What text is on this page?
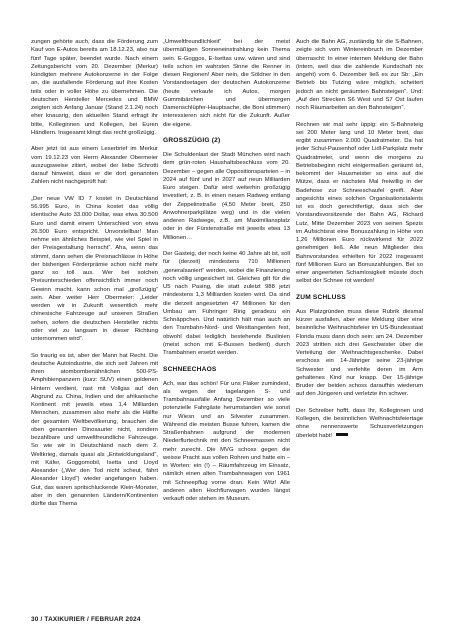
zungen gehörte auch, dass die Förderung zum Kauf von E-Autos bereits am 18.12.23, also nur fünf Tage später, beendet wurde. Nach einem Zeitungsbericht vom 20. Dezember (Merkur) kündigten mehrere Autokonzerne in der Folge an, die ausfallende Förderung auf ihre Kosten teils oder in voller Höhe zu übernehmen. Die deutschen Hersteller Mercedes und BMW zeigten sich Anfang Januar (Stand 2.1.24) noch eher knausrig, den aktuellen Stand erfragt ihr bitte, Kolleginnen und Kollegen, bei Euren Händlern. Insgesamt klingt das recht großzügig.

Aber jetzt ist aus einem Leserbrief im Merkur vom 19.12.23 von Herrn Alexander Obermeier auszugsweise zitiert, wobei der liebe Schrotti darauf hinweist, dass er die dort genannten Zahlen nicht nachgeprüft hat:

„Der neue VW ID 7 kostet in Deutschland 56.995 Euro, in China kostet das völlig identische Auto 33.000 Dollar, was etwa 30.500 Euro und damit einem Unterschied von etwa 26.500 Euro entspricht. Unvorstellbar! Man nehme ein ähnliches Beispiel, wie viel Spiel in der Preisgestaltung herrscht“. Aha, wenn das stimmt, dann sehen die Preisnachlässe in Höhe der bisherigen Förderprämie schon nicht mehr ganz so toll aus. Wer bei solchen Preisunterschieden offensichtlich immer noch Gewinn macht, kann schon mal „großzügig“ sein. Aber weiter Herr Obermeier: „Leider werden wir in Zukunft wesentlich mehr chinesische Fahrzeuge auf unseren Straßen sehen, sofern die deutschen Hersteller nichts oder viel zu langsam in dieser Richtung unternommen wird“.

So traurig es ist, aber der Mann hat Recht. Die deutsche Autoindustrie, die sich seit Jahren mit ihren atombombenähnlichen 500-PS-Amphibienpanzern (kurz: SUV) einen goldenen Hintern verdient, rast mit Vollgas auf den Abgrund zu. China, Indien und der afrikanische Kontinent mit jeweils etwa 1,4 Milliarden Menschen, zusammen also mehr als die Hälfte der gesamten Weltbevölkerung, brauchen die oben genannten Dinosaurier nicht, sondern bezahlbare und umweltfreundliche Fahrzeuge. So wie wir in Deutschland nach dem 2. Weltkrieg, damals quasi als „Entwicklungsland“, mit Käfer, Goggomobil, Isetta und Lloyd Alexander („Wer den Tod nicht scheut, fährt Alexander Lloyd“) wieder angefangen haben. Gut, das waren spritschluckende Klein-Monster, aber in den genannten Ländern/Kontinenten dürfte das Thema

„Umweltfreundlichkeit“ bei der meist übermäßigen Sonneneinstrahlung kein Thema sein. E-Goggos, E-Isettas usw. wären und sind teils schon im wahrsten Sinne die Renner in diesen Regionen! Aber nein, die Söldner in den Vorstandsetagen der deutschen Autokonzerne (heute verkaufe ich Autos, morgen Gummibärchen und übermorgen Damenschlüpfer-Hauptsache, die Boni stimmen) interessieren sich nicht für die Zukunft. Außer die eigene.

GROSSZÜGIG (2)

Die Schuldenlast der Stadt München wird nach dem grün-roten Haushaltsbeschluss vom 20. Dezember – gegen alle Oppositionsparteien – in 2024 auf fünf und in 2027 auf neun Milliarden Euro steigen. Dafür wird weiterhin großzügig investiert, z. B. in einen neuen Radweg entlang der Zeppelinstraße (4,50 Meter breit, 250 Anwohnerparkplätze weg) und in die vielen anderen Radwege, z.B. am Maximiliansplatz oder in der Fürstenstraße mit jeweils etwa 13 Millionen…

Der Gasteig, der noch keine 40 Jahre alt ist, soll für (derzeit) mindestens 710 Millionen „generalsaniert“ werden, wobei die Finanzierung noch völlig ungesichert ist. Gleiches gilt für die U5 nach Pasing, die statt zuletzt 988 jetzt mindestens 1,3 Milliarden kosten wird. Da sind die derzeit angesetzten 47 Millionen für den Umbau am Führinger Ring geradezu ein Schnäppchen. Und natürlich hält man auch an den Trambahn-Nord- und Westtangenten fest, obwohl dabei lediglich bestehende Buslinien (meist schon mit E-Bussen bedient) durch Trambahnen ersetzt werden.

SCHNEECHAOS

Ach, war das schön! Für uns Flaker zumindest, als wegen der tagelangen S- und Trambahnausfälle Anfang Dezember so viele potenzielle Fahrgäste herumstanden wie sonst nur Wiesn und an Silvester zusammen. Während die meisten Busse fuhren, kamen die Straßenbahnen aufgrund der modernen Niederflurtechnik mit den Schneemassen nicht mehr zurecht. Die MVG schoss gegen die weisse Pracht aus vollen Rohren und hatte ein – in Worten: ein (!) – Räumfahrzeug im Einsatz, nämlich einen alten Trambahnwagen von 1961 mit Schneepflug vorne dran. Kein Witz! Alle anderen alten Hochflurwagen wurden längst verkauft oder stehen im Museum.

Auch die Bahn AG, zuständig für die S-Bahnen, zeigte sich vom Wintereinbruch im Dezember überrascht: In einer internen Meldung der Bahn (intern, weil das die zahlende Kundschaft nix angeht) vom 6. Dezember ließ es zur Sb: „Ein Betrieb bis Tutzing wäre möglich, scheitert jedoch an nicht geräumten Bahnsteigen“. Und: „Auf den Strecken S6 West und S7 Ost laufen noch Räumarbeiten an den Bahnsteigen“.

Rechnen wir mal sehr üppig: ein S-Bahnsteig sei 200 Meter lang und 10 Meter breit, das ergibt zusammen 2.000 Quadratmeter. Da hat jeder Schul-Pausenhof oder Lidl-Parkplatz mehr Quadratmeter, und wenn die morgens zu Betriebsbeginn nicht einigermaßen geräumt ist, bekommt der Hausmeister so eins auf die Mütze, dass er nächstes Mal freiwillig in der Badehose zur Schneeschaufel greift. Aber angesichts eines solchen Organisationstalents ist es doch gerechtfertigt, dass sich der Vorstandsvorsitzende der Bahn AG, Richard Lutz, Mitte Dezember 2023 von seinen Spezis im Aufsichtsrat eine Bonuszahlung in Höhe von 1,26 Millionen Euro rückwirkend für 2022 genehmigen ließ. Alle neun Mitglieder des Bahnvorstandes erhielten für 2022 insgesamt fünf Millionen Euro an Bonuszahlungen. Bei so einer angeerteten Schamlosigkeit müsste doch selbst der Schnee rot werden!

ZUM SCHLUSS

Aus Platzgründen muss diese Rubrik diesmal kürzer ausfallen, aber eine Meldung über eine besinnliche Weihnachtsfeier im US-Bundesstaat Florida muss dann doch sein: am 24. Dezember 2023 stritten sich drei Geschwister über die Verteilung der Weihnachtsgeschenke. Dabei erschoss ein 14-Jähriger seine 23-jährige Schwester und verfehlte deren im Arm gehaltenes Kind nur knapp. Der 15-jährige Bruder der beiden schoss daraufhin wiederum auf den Jüngeren und verletzte ihn schwer.

Der Schreiber hofft, dass Ihr, Kolleginnen und Kollegen, die besinnlichen Weihnachtsfeiertage ohne nennenswerte Schussverletzungen überlebt habt!

30 / TAXIKURIER / FEBRUAR 2024
